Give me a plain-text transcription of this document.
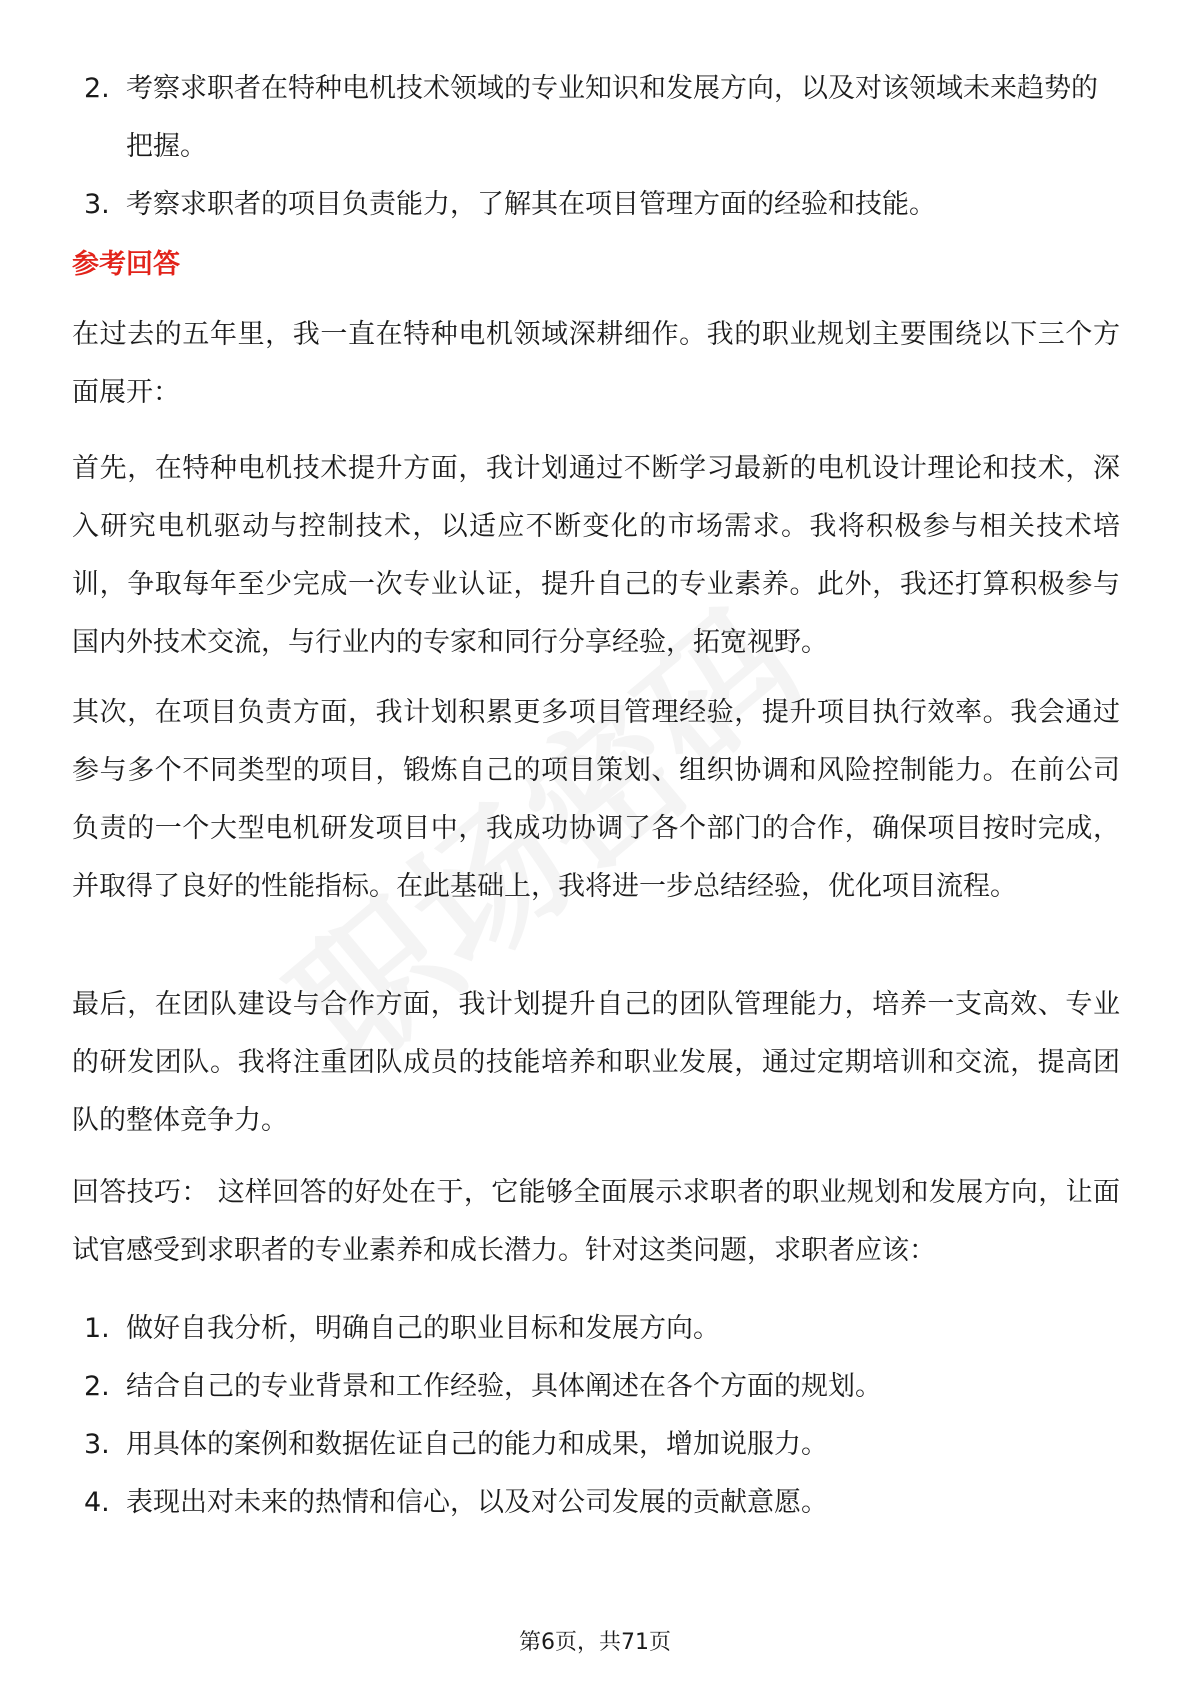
2. 考察求职者在特种电机技术领域的专业知识和发展方向，以及对该领域未来趋势的把握。
3. 考察求职者的项目负责能力，了解其在项目管理方面的经验和技能。
参考回答
在过去的五年里，我一直在特种电机领域深耕细作。我的职业规划主要围绕以下三个方面展开：
首先，在特种电机技术提升方面，我计划通过不断学习最新的电机设计理论和技术，深入研究电机驱动与控制技术，以适应不断变化的市场需求。我将积极参与相关技术培训，争取每年至少完成一次专业认证，提升自己的专业素养。此外，我还打算积极参与国内外技术交流，与行业内的专家和同行分享经验，拓宽视野。
其次，在项目负责方面，我计划积累更多项目管理经验，提升项目执行效率。我会通过参与多个不同类型的项目，锻炼自己的项目策划、组织协调和风险控制能力。在前公司负责的一个大型电机研发项目中，我成功协调了各个部门的合作，确保项目按时完成，并取得了良好的性能指标。在此基础上，我将进一步总结经验，优化项目流程。
最后，在团队建设与合作方面，我计划提升自己的团队管理能力，培养一支高效、专业的研发团队。我将注重团队成员的技能培养和职业发展，通过定期培训和交流，提高团队的整体竞争力。
回答技巧： 这样回答的好处在于，它能够全面展示求职者的职业规划和发展方向，让面试官感受到求职者的专业素养和成长潜力。针对这类问题，求职者应该：
1. 做好自我分析，明确自己的职业目标和发展方向。
2. 结合自己的专业背景和工作经验，具体阐述在各个方面的规划。
3. 用具体的案例和数据佐证自己的能力和成果，增加说服力。
4. 表现出对未来的热情和信心，以及对公司发展的贡献意愿。
第6页，共71页
